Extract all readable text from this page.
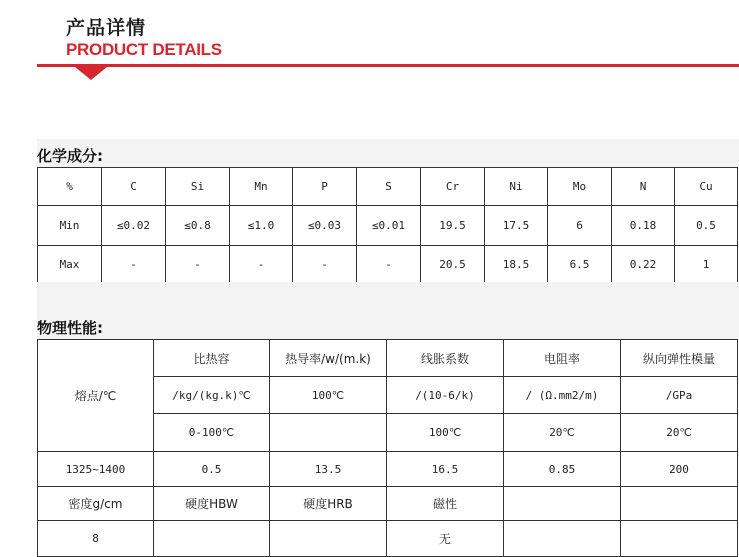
产品详情
PRODUCT DETAILS
化学成分:
%	C	Si	Mn	P	S	Cr	Ni	Mo	N	Cu
Min	≤0.02	≤0.8	≤1.0	≤0.03	≤0.01	19.5	17.5	6	0.18	0.5
Max	-	-	-	-	-	20.5	18.5	6.5	0.22	1
物理性能:
熔点/℃	比热容	热导率/w/(m.k)	线胀系数	电阻率	纵向弹性模量
	/kg/(kg.k)℃	100℃	/(10-6/k)	/ (Ω.mm2/m)	/GPa
	0-100℃		100℃	20℃	20℃
1325~1400	0.5	13.5	16.5	0.85	200
密度g/cm	硬度HBW	硬度HRB	磁性		
8			无		
